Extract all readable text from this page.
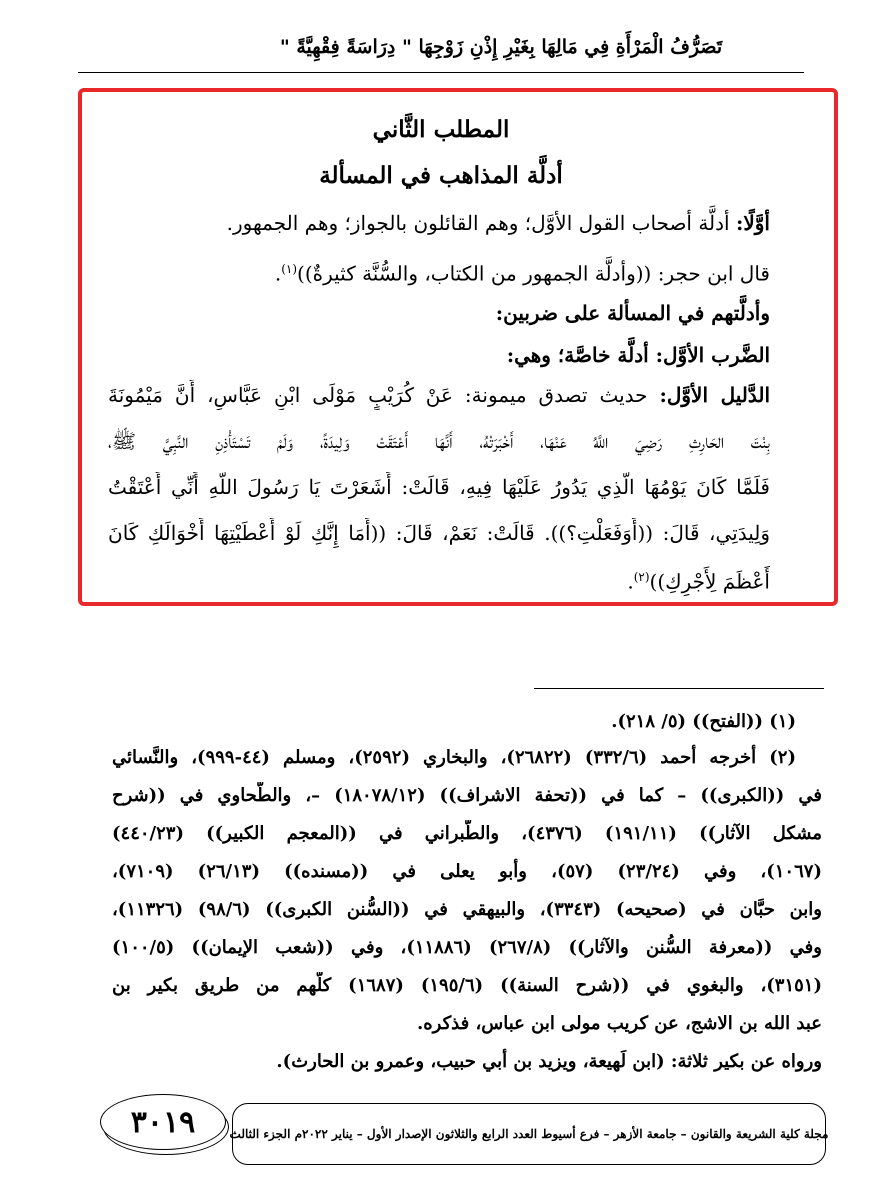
تَصَرُّفُ الْمَرْأَةِ فِي مَالِهَا بِغَيْرِ إِذْنِ زَوْجِهَا " دِرَاسَةً فِقْهِيَّةً "
المطلب الثَّاني
أدلَّة المذاهب في المسألة
أوَّلًا: أدلَّة أصحاب القول الأوَّل؛ وهم القائلون بالجواز؛ وهم الجمهور.
قال ابن حجر: ((وأدلَّة الجمهور من الكتاب، والسُّنَّة كثيرةٌ))$^{(١)}$.
وأدلَّتهم في المسألة على ضربين:
الضَّرب الأوَّل: أدلَّة خاصَّة؛ وهي:
الدَّليل الأوَّل: حديث تصدق ميمونة: عَنْ كُرَيْبٍ مَوْلَى ابْنِ عَبَّاسٍ، أَنَّ مَيْمُونَةَ
بِنْتَ الحَارِثِ رَضِيَ اللَّهُ عَنْهَا، أَخْبَرَتْهُ، أَنَّهَا أَعْتَقَتْ وَلِيدَةً، وَلَمْ تَسْتَأْذِنِ النَّبِيَّ ﷺ،
فَلَمَّا كَانَ يَوْمُهَا الَّذِي يَدُورُ عَلَيْهَا فِيهِ، قَالَتْ: أَشَعَرْتَ يَا رَسُولَ اللَّهِ أَنِّي أَعْتَقْتُ
وَلِيدَتِي، قَالَ: ((أَوَفَعَلْتِ؟)). قَالَتْ: نَعَمْ، قَالَ: ((أَمَا إِنَّكِ لَوْ أَعْطَيْتِهَا أَخْوَالَكِ كَانَ
أَعْظَمَ لِأَجْرِكِ))$^{(٢)}$.
(١) ((الفتح)) (٥/ ٢١٨).
(٢) أخرجه أحمد (٣٣٢/٦) (٢٦٨٢٢)، والبخاري (٢٥٩٢)، ومسلم (٤٤-٩٩٩)، والنَّسائي
في ((الكبرى)) – كما في ((تحفة الاشراف)) (١٨٠٧٨/١٢) –، والطَّحاوي في ((شرح
مشكل الآثار)) (١٩١/١١) (٤٣٧٦)، والطَّبراني في ((المعجم الكبير)) (٤٤٠/٢٣)
(١٠٦٧)، وفي (٢٣/٢٤) (٥٧)، وأبو يعلى في ((مسنده)) (٢٦/١٣) (٧١٠٩)،
وابن حبَّان في (صحيحه) (٣٣٤٣)، والبيهقي في ((السُّنن الكبرى)) (٩٨/٦) (١١٣٢٦)،
وفي ((معرفة السُّنن والآثار)) (٢٦٧/٨) (١١٨٨٦)، وفي ((شعب الإيمان)) (١٠٠/٥)
(٣١٥١)، والبغوي في ((شرح السنة)) (١٩٥/٦) (١٦٨٧) كلُّهم من طريق بكير بن
عبد الله بن الاشج، عن كريب مولى ابن عباس، فذكره.
ورواه عن بكير ثلاثة: (ابن لَهيعة، ويزيد بن أبي حبيب، وعمرو بن الحارث).
مجلة كلية الشريعة والقانون – جامعة الأزهر – فرع أسيوط العدد الرابع والثلاثون الإصدار الأول – يناير ٢٠٢٢م الجزء الثالث
٣٠١٩
